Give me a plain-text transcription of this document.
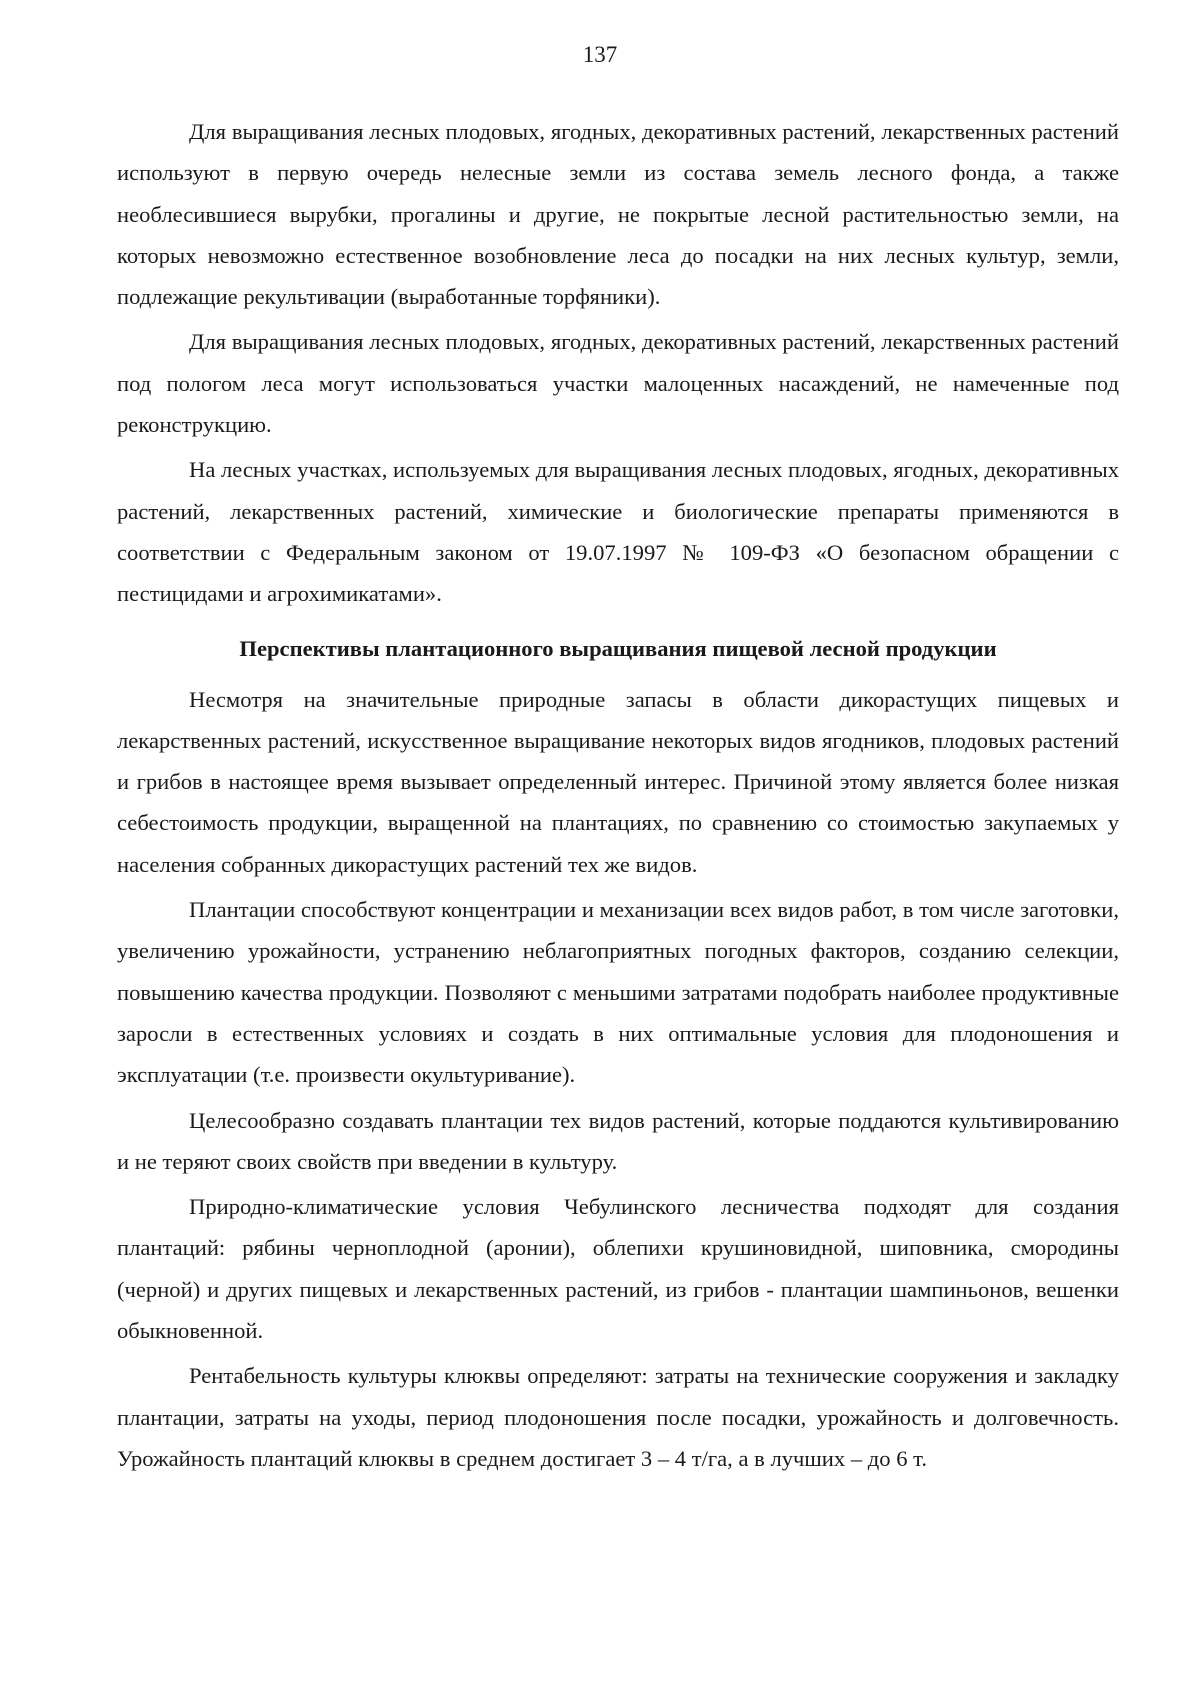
137

Для выращивания лесных плодовых, ягодных, декоративных растений, лекарственных растений используют в первую очередь нелесные земли из состава земель лесного фонда, а также необлесившиеся вырубки, прогалины и другие, не покрытые лесной растительностью земли, на которых невозможно естественное возобновление леса до посадки на них лесных культур, земли, подлежащие рекультивации (выработанные торфяники).

Для выращивания лесных плодовых, ягодных, декоративных растений, лекарственных растений под пологом леса могут использоваться участки малоценных насаждений, не намеченные под реконструкцию.

На лесных участках, используемых для выращивания лесных плодовых, ягодных, декоративных растений, лекарственных растений, химические и биологические препараты применяются в соответствии с Федеральным законом от 19.07.1997 № 109-ФЗ «О безопасном обращении с пестицидами и агрохимикатами».

Перспективы плантационного выращивания пищевой лесной продукции

Несмотря на значительные природные запасы в области дикорастущих пищевых и лекарственных растений, искусственное выращивание некоторых видов ягодников, плодовых растений и грибов в настоящее время вызывает определенный интерес. Причиной этому является более низкая себестоимость продукции, выращенной на плантациях, по сравнению со стоимостью закупаемых у населения собранных дикорастущих растений тех же видов.

Плантации способствуют концентрации и механизации всех видов работ, в том числе заготовки, увеличению урожайности, устранению неблагоприятных погодных факторов, созданию селекции, повышению качества продукции. Позволяют с меньшими затратами подобрать наиболее продуктивные заросли в естественных условиях и создать в них оптимальные условия для плодоношения и эксплуатации (т.е. произвести окультуривание).

Целесообразно создавать плантации тех видов растений, которые поддаются культивированию и не теряют своих свойств при введении в культуру.

Природно-климатические условия Чебулинского лесничества подходят для создания плантаций: рябины черноплодной (аронии), облепихи крушиновидной, шиповника, смородины (черной) и других пищевых и лекарственных растений, из грибов - плантации шампиньонов, вешенки обыкновенной.

Рентабельность культуры клюквы определяют: затраты на технические сооружения и закладку плантации, затраты на уходы, период плодоношения после посадки, урожайность и долговечность. Урожайность плантаций клюквы в среднем достигает 3 – 4 т/га, а в лучших – до 6 т.
